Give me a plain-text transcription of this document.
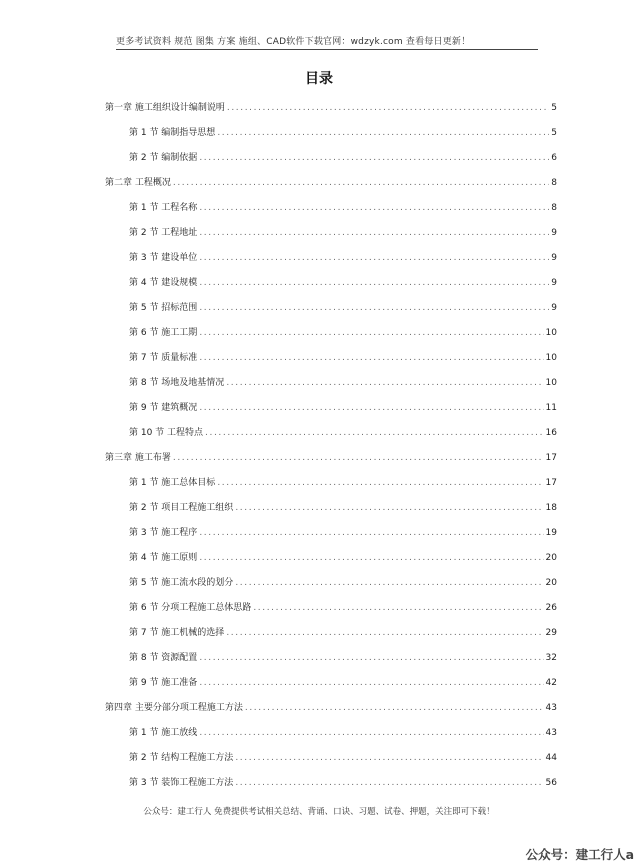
更多考试资料 规范 图集 方案 施组、CAD软件下载官网：wdzyk.com 查看每日更新！
目录
第一章 施工组织设计编制说明 .....	5
第 1 节 编制指导思想 .....	5
第 2 节 编制依据 .....	6
第二章 工程概况 .....	8
第 1 节 工程名称 .....	8
第 2 节 工程地址 .....	9
第 3 节 建设单位 .....	9
第 4 节 建设规模 .....	9
第 5 节 招标范围 .....	9
第 6 节 施工工期 .....	10
第 7 节 质量标准 .....	10
第 8 节 场地及地基情况 .....	10
第 9 节 建筑概况 .....	11
第 10 节 工程特点 .....	16
第三章 施工布署 .....	17
第 1 节 施工总体目标 .....	17
第 2 节 项目工程施工组织 .....	18
第 3 节 施工程序 .....	19
第 4 节 施工原则 .....	20
第 5 节 施工流水段的划分 .....	20
第 6 节 分项工程施工总体思路 .....	26
第 7 节 施工机械的选择 .....	29
第 8 节 资源配置 .....	32
第 9 节 施工准备 .....	42
第四章 主要分部分项工程施工方法 .....	43
第 1 节 施工放线 .....	43
第 2 节 结构工程施工方法 .....	44
第 3 节 装饰工程施工方法 .....	56
公众号：建工行人 免费提供考试相关总结、背诵、口诀、习题、试卷、押题，关注即可下载！
公众号：建工行人a
